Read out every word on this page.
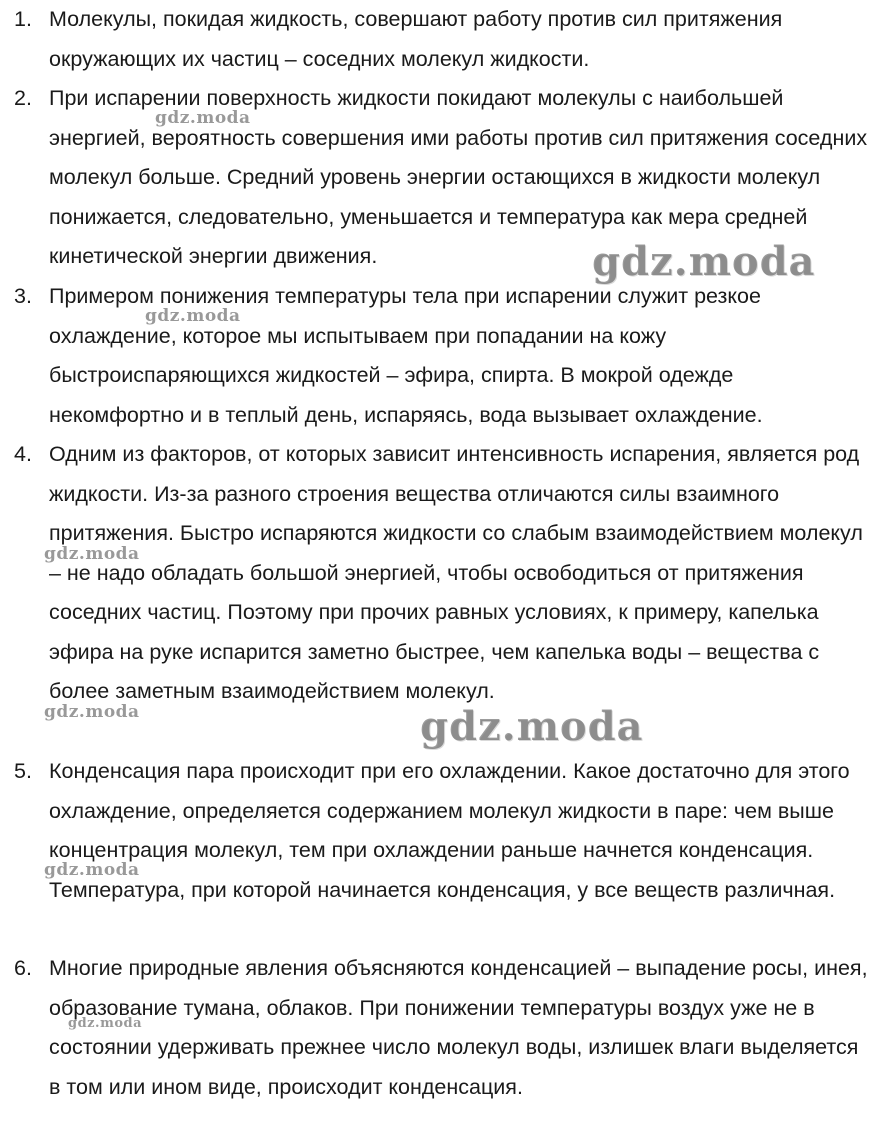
1. Молекулы, покидая жидкость, совершают работу против сил притяжения окружающих их частиц – соседних молекул жидкости.
2. При испарении поверхность жидкости покидают молекулы с наибольшей энергией, вероятность совершения ими работы против сил притяжения соседних молекул больше. Средний уровень энергии остающихся в жидкости молекул понижается, следовательно, уменьшается и температура как мера средней кинетической энергии движения.
3. Примером понижения температуры тела при испарении служит резкое охлаждение, которое мы испытываем при попадании на кожу быстроиспаряющихся жидкостей – эфира, спирта. В мокрой одежде некомфортно и в теплый день, испаряясь, вода вызывает охлаждение.
4. Одним из факторов, от которых зависит интенсивность испарения, является род жидкости. Из-за разного строения вещества отличаются силы взаимного притяжения. Быстро испаряются жидкости со слабым взаимодействием молекул – не надо обладать большой энергией, чтобы освободиться от притяжения соседних частиц. Поэтому при прочих равных условиях, к примеру, капелька эфира на руке испарится заметно быстрее, чем капелька воды – вещества с более заметным взаимодействием молекул.
5. Конденсация пара происходит при его охлаждении. Какое достаточно для этого охлаждение, определяется содержанием молекул жидкости в паре: чем выше концентрация молекул, тем при охлаждении раньше начнется конденсация. Температура, при которой начинается конденсация, у все веществ различная.
6. Многие природные явления объясняются конденсацией – выпадение росы, инея, образование тумана, облаков. При понижении температуры воздух уже не в состоянии удерживать прежнее число молекул воды, излишек влаги выделяется в том или ином виде, происходит конденсация.
gdz.moda
gdz.moda
gdz.moda
gdz.moda
gdz.moda	gdz.moda
gdz.moda
gdz.moda
